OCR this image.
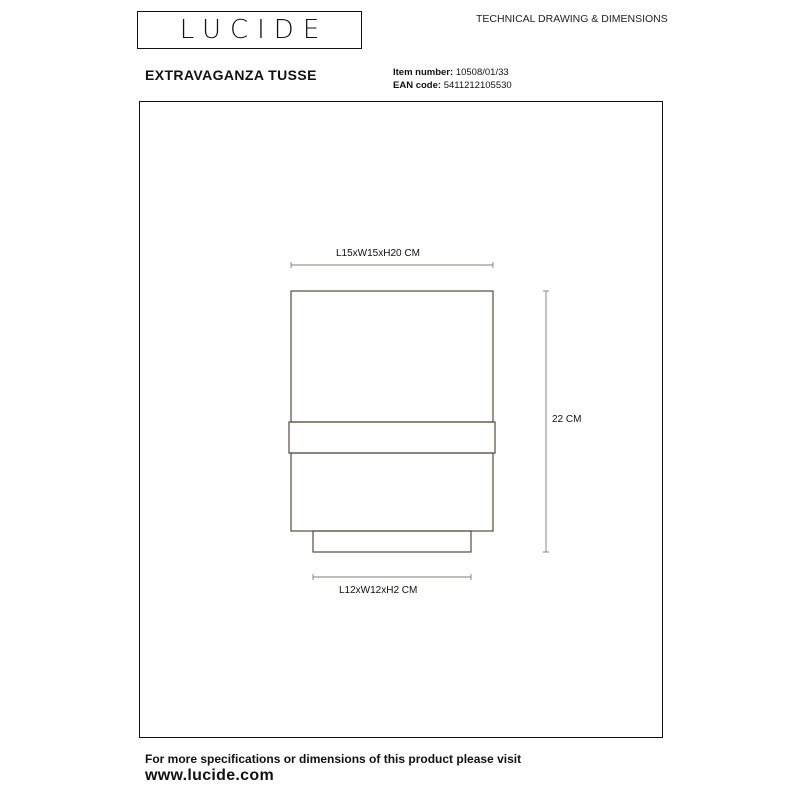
LUCIDE	TECHNICAL DRAWING & DIMENSIONS
EXTRAVAGANZA TUSSE	Item number: 10508/01/33
EAN code: 5411212105530
L15xW15xH20 CM
22 CM
L12xW12xH2 CM
For more specifications or dimensions of this product please visit
www.lucide.com
